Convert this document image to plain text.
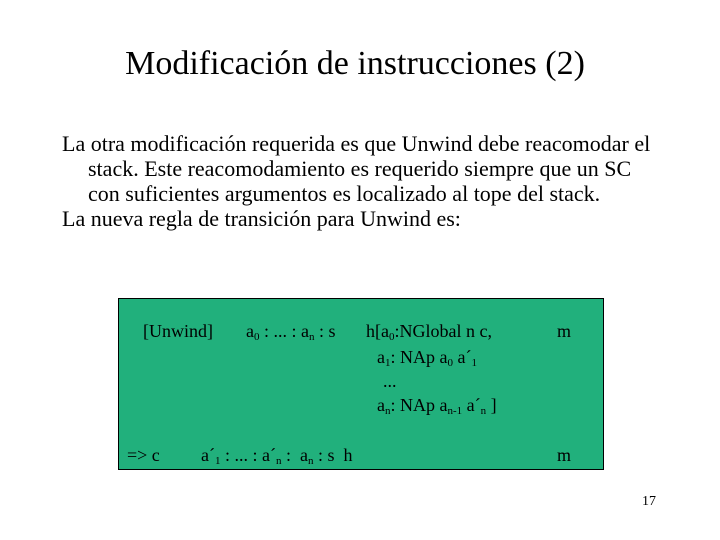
Modificación de instrucciones (2)

La otra modificación requerida es que Unwind debe reacomodar el stack. Este reacomodamiento es requerido siempre que un SC con suficientes argumentos es localizado al tope del stack.

La nueva regla de transición para Unwind es:

[Unwind] $a_0$ : ... : $a_n$ : s $h[a_0:NGlobal$ n c,	m
$a_1$: NAp $a_0$ $a´_1$
...
$a_n$: NAp $a_{n-1}$ $a´_n$ ]
=> c $a´_1$ : ... : $a´_n$ : $a_n$ : s h	m
17
